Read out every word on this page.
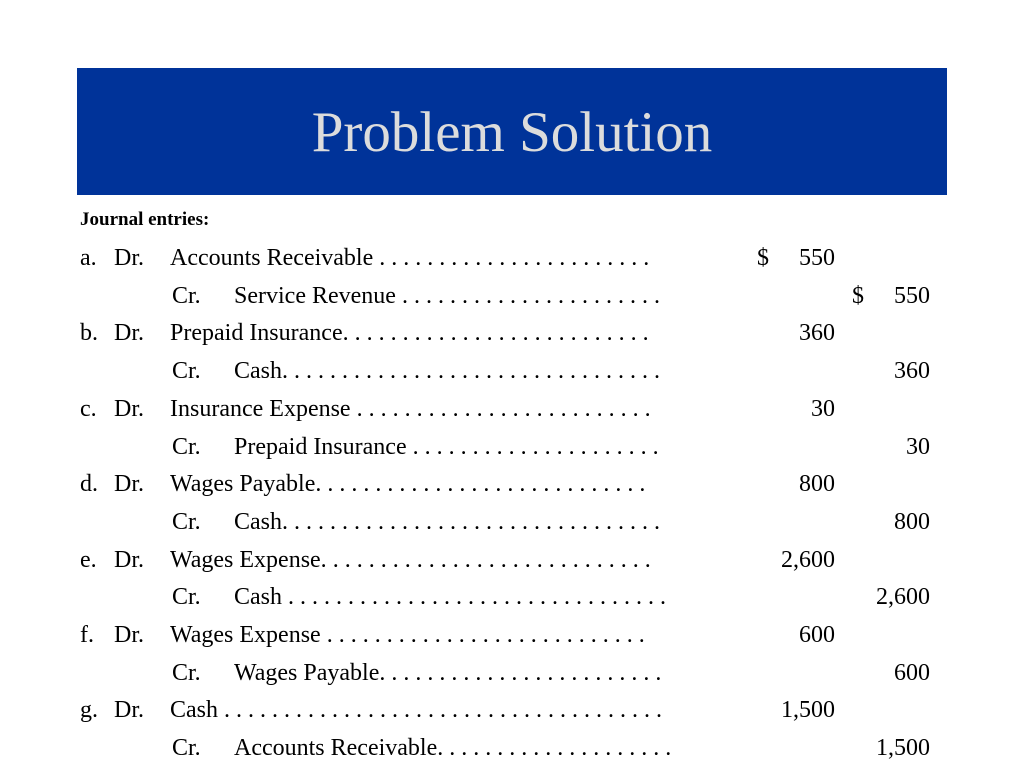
Problem Solution
Journal entries:
a. Dr. Accounts Receivable . . . . . . . . . . . . . . . . . . . . . . .	$ 550
Cr. Service Revenue . . . . . . . . . . . . . . . . . . . . . .	$ 550
b. Dr. Prepaid Insurance. . . . . . . . . . . . . . . . . . . . . . . . . .	360
Cr. Cash. . . . . . . . . . . . . . . . . . . . . . . . . . . . . . . .	360
c. Dr. Insurance Expense . . . . . . . . . . . . . . . . . . . . . . . . .	30
Cr. Prepaid Insurance . . . . . . . . . . . . . . . . . . . . .	30
d. Dr. Wages Payable. . . . . . . . . . . . . . . . . . . . . . . . . . . .	800
Cr. Cash. . . . . . . . . . . . . . . . . . . . . . . . . . . . . . . .	800
e. Dr. Wages Expense. . . . . . . . . . . . . . . . . . . . . . . . . . . .	2,600
Cr. Cash . . . . . . . . . . . . . . . . . . . . . . . . . . . . . . . .	2,600
f. Dr. Wages Expense . . . . . . . . . . . . . . . . . . . . . . . . . . .	600
Cr. Wages Payable. . . . . . . . . . . . . . . . . . . . . . . .	600
g. Dr. Cash . . . . . . . . . . . . . . . . . . . . . . . . . . . . . . . . . . . . .	1,500
Cr. Accounts Receivable. . . . . . . . . . . . . . . . . . . .	1,500
